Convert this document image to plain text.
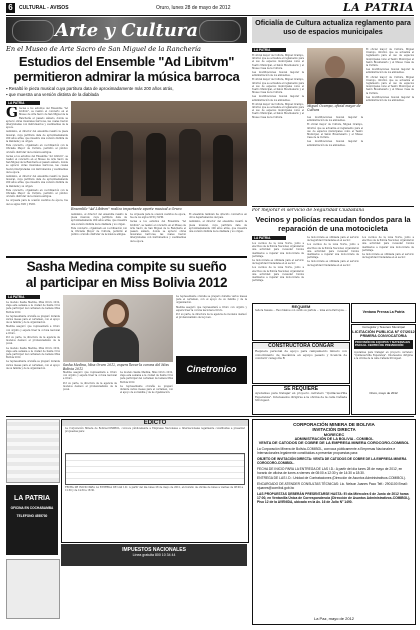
6	CULTURAL - AVISOS	Oruro, lunes 28 de mayo de 2012	LA PATRIA
Arte y Cultura
En el Museo de Arte Sacro de San Miguel de la Ranchería
Estudios del Ensemble "Ad Libitvm"
permitieron admirar la música barroca
▪ Resaltó le pieza musical cuya partitura data de aproximadamente más 200 años atrás,
▪ que muestra una versión distinta de la diablada
LA PATRIA
G racias a los estudios del Ensemble "Ad Libitvm", se realizó el concierto en el Museo de Arte Sacro de San Miguel de la Ranchería el pasado sábado, donde se apreció obras musicales barrocas, las cuales fueron interpretadas con instrumentos y vestimentas de la época.

Asimismo, el director del ensemble resaltó la pieza musical, cuya partitura data de aproximadamente 200 años atrás, que muestra una versión distinta de la diablada y su origen.

Este concierto, organizado en coordinación con la Oficialía Mayor de Cultura, permitió al público orureño disfrutar de la música antigua.

racias a los estudios del Ensemble "Ad Libitvm", se realizó el concierto en el Museo de Arte Sacro de San Miguel de la Ranchería el pasado sábado, donde se apreció obras musicales barrocas, las cuales fueron interpretadas con instrumentos y vestimentas de la época.

Asimismo, el director del ensemble resaltó la pieza musical, cuya partitura data de aproximadamente 200 años atrás, que muestra una versión distinta de la diablada y su origen.

Este concierto, organizado en coordinación con la Oficialía Mayor de Cultura, permitió al público orureño disfrutar de la música antigua.

La orquesta para la ocasión vestidos de época, fue de los siglos XVII y XVIII.

Ensemble "Ad Libitvm" realizo importante aporte musical a Oruro

Asimismo, el director del ensemble resaltó la pieza musical, cuya partitura data de aproximadamente 200 años atrás, que muestra una versión distinta de la diablada y su origen.

Este concierto, organizado en coordinación con la Oficialía Mayor de Cultura, permitió al público orureño disfrutar de la música antigua.

La orquesta para la ocasión vestidos de época, fue de los siglos XVII y XVIII.

racias a los estudios del Ensemble "Ad Libitvm", se realizó el concierto en el Museo de Arte Sacro de San Miguel de la Ranchería el pasado sábado, donde se apreció obras musicales barrocas, las cuales fueron interpretadas con instrumentos y vestimentas de la época.

El ensemble también ha ofrecido conciertos en otros departamentos del país.

Asimismo, el director del ensemble resaltó la pieza musical, cuya partitura data de aproximadamente 200 años atrás, que muestra una versión distinta de la diablada y su origen.

Oficialía de Cultura actualiza reglamento para uso de espacios municipales
LA PATRIA

El oficial mayor de Cultura, Miguel Ocampo, informó que se actualiza el reglamento para el uso de espacios municipales como el Teatro Municipal, el Salón Bicentenario y el Museo Casa de la Cultura.

Las modificaciones buscan mejorar la administración de los ambientes.

El oficial mayor de Cultura, Miguel Ocampo, informó que se actualiza el reglamento para el uso de espacios municipales como el Teatro Municipal, el Salón Bicentenario y el Museo Casa de la Cultura.

Las modificaciones buscan mejorar la administración de los ambientes.

El oficial mayor de Cultura, Miguel Ocampo, informó que se actualiza el reglamento para el uso de espacios municipales como el Teatro Municipal, el Salón Bicentenario y el Museo Casa de la Cultura.

Miguel Ocampo, oficial mayor de Cultura

Las modificaciones buscan mejorar la administración de los ambientes.

El oficial mayor de Cultura, Miguel Ocampo, informó que se actualiza el reglamento para el uso de espacios municipales como el Teatro Municipal, el Salón Bicentenario y el Museo Casa de la Cultura.

Las modificaciones buscan mejorar la administración de los ambientes.

El oficial mayor de Cultura, Miguel Ocampo, informó que se actualiza el reglamento para el uso de espacios municipales como el Teatro Municipal, el Salón Bicentenario y el Museo Casa de la Cultura.

Las modificaciones buscan mejorar la administración de los ambientes.

El oficial mayor de Cultura, Miguel Ocampo, informó que se actualiza el reglamento para el uso de espacios municipales como el Teatro Municipal, el Salón Bicentenario y el Museo Casa de la Cultura.

Las modificaciones buscan mejorar la administración de los ambientes.

Por mejorar el servicio de Seguridad Ciudadana
Vecinos y policías recaudan fondos para la reparación de una motocicleta
LA PATRIA
Sasha Medina compite su sueño
al participar en Miss Bolivia 2012
LA PATRIA

La modelo Sasha Medina, Miss Oruro 2012, viaja esta semana a la ciudad de Santa Cruz para participar del certamen de belleza Miss Bolivia 2012.

La representante orureña se preparó durante varios meses para el certamen, con el apoyo de su familia y de la organización.

Medina aseguró que representará a Oruro con orgullo y espera traer la corona nacional a Oruro.

Por su parte, la directora de la agencia de modelos destacó el profesionalismo de la joven.

La modelo Sasha Medina, Miss Oruro 2012, viaja esta semana a la ciudad de Santa Cruz para participar del certamen de belleza Miss Bolivia 2012.

La representante orureña se preparó durante varios meses para el certamen, con el apoyo de su familia y de la organización.

Sasha Medina, Miss Oruro 2012, espera llevar la corona del Miss Bolivia 2012

Medina aseguró que representará a Oruro con orgullo y espera traer la corona nacional a Oruro.

Por su parte, la directora de la agencia de modelos destacó el profesionalismo de la joven.

La modelo Sasha Medina, Miss Oruro 2012, viaja esta semana a la ciudad de Santa Cruz para participar del certamen de belleza Miss Bolivia 2012.

La representante orureña se preparó durante varios meses para el certamen, con el apoyo de su familia y de la organización.

La representante orureña se preparó durante varios meses para el certamen, con el apoyo de su familia y de la organización.

Medina aseguró que representará a Oruro con orgullo y espera traer la corona nacional a Oruro.

Por su parte, la directora de la agencia de modelos destacó el profesionalismo de la joven.

Cinetronico

Los vecinos de la zona Norte, junto a efectivos de la Policía Nacional, organizaron una actividad para recaudar fondos destinados a reparar una motocicleta de patrullaje.

La motocicleta es utilizada para el servicio de Seguridad Ciudadana en el sector.

Los vecinos de la zona Norte, junto a efectivos de la Policía Nacional, organizaron una actividad para recaudar fondos destinados a reparar una motocicleta de patrullaje.

La motocicleta es utilizada para el servicio de Seguridad Ciudadana en el sector.

Los vecinos de la zona Norte, junto a efectivos de la Policía Nacional, organizaron una actividad para recaudar fondos destinados a reparar una motocicleta de patrullaje.

La motocicleta es utilizada para el servicio de Seguridad Ciudadana en el sector.

Los vecinos de la zona Norte, junto a efectivos de la Policía Nacional, organizaron una actividad para recaudar fondos destinados a reparar una motocicleta de patrullaje.

La motocicleta es utilizada para el servicio de Seguridad Ciudadana en el sector.

REQUIEM
Señora Susana ... Recordamos con cariño su partida ... misa en la Parroquia ...
CONSTRUCTORA CONGAR
Requiere personal de apoyo para campamento minero con conocimiento de mecánica en equipo pesado y licencia de conducir categoría B
SE REQUIERE
Ayudantes para trabajar en proyecto carretero "Quillacas-Villa Esperanza". Interesados dirigirse a la oficina de la calle Cañada Strongest.
Corregidor y Tesorero Municipal
LICITACIÓN PUBLICA N° 07/2012
PRIMERA CONVOCATORIA
PROVISIÓN DE EQUIPOS Y MATERIALES PARA EL CENTRO DE PREVENCIÓN
Ayudantes para trabajar en proyecto carretero "Quillacas-Villa Esperanza". Interesados dirigirse a la oficina de la calle Cañada Strongest.
Oruro, mayo de 2012
Ventana Prensa La Patria
LA PATRIA
OFICINA EN COCHABAMBA
TELEFONO 4555730
EDICTO
La Corporación Minera de Bolivia-COMIBOL, convoca públicamente a Empresas Nacionales e Internacionales legalmente constituidas a presentar propuestas para:
FECHA DE INICIO PARA LA ENTREGA DE LAS I.D.: A partir del día lunes 28 de mayo de 2012, en horario de oficina de lunes a viernes de 08:00 a 12:30 y de 14:30 a 18:30.
IMPUESTOS NACIONALES
Línea gratuita 800 10 34 44
CORPORACIÓN MINERA DE BOLIVIA
INVITACIÓN DIRECTA
MORECEC
ADMINISTRACIÓN DE LA BOLIVIA - COMIBOL
VENTA DE CATODOS DE COBRE DE LA EMPRESA MINERA COROCORO-COMIBOL
La Corporación Minera de Bolivia-COMIBOL, convoca públicamente a Empresas Nacionales e Internacionales legalmente constituidas a presentar propuestas para:
OBJETO DE INVITACIÓN DIRECTA: VENTA DE CATODOS DE COBRE DE LA EMPRESA MINERA COROCORO-COMIBOL.
FECHA DE INICIO PARA LA ENTREGA DE LAS I.D.: A partir del día lunes 28 de mayo de 2012, en horario de oficina de lunes a viernes de 08:00 a 12:30 y de 14:30 a 18:30.
ENTREGA DE LAS I.D.: Unidad de Contrataciones (Dirección de Asuntos Administrativos-COMIBOL).
ENCARGADO DE ATENDER CONSULTAS TÉCNICAS: Lic. Nelson Juanes Paco Telf.: 2901100 Email: njuanes@comibol.gob.bo
LAS PROPUESTAS DEBERÁN PRESENTARSE HASTA: El día Miércoles 6 de Junio de 2012 horas 17:00, en Ventanilla Única de Correspondencia (Dirección de Asuntos Administrativos-COMIBOL), Piso 12 de la AVENIDA, ubicado en la Av. 16 de Julio N° 1490.
La Paz, mayo de 2012
